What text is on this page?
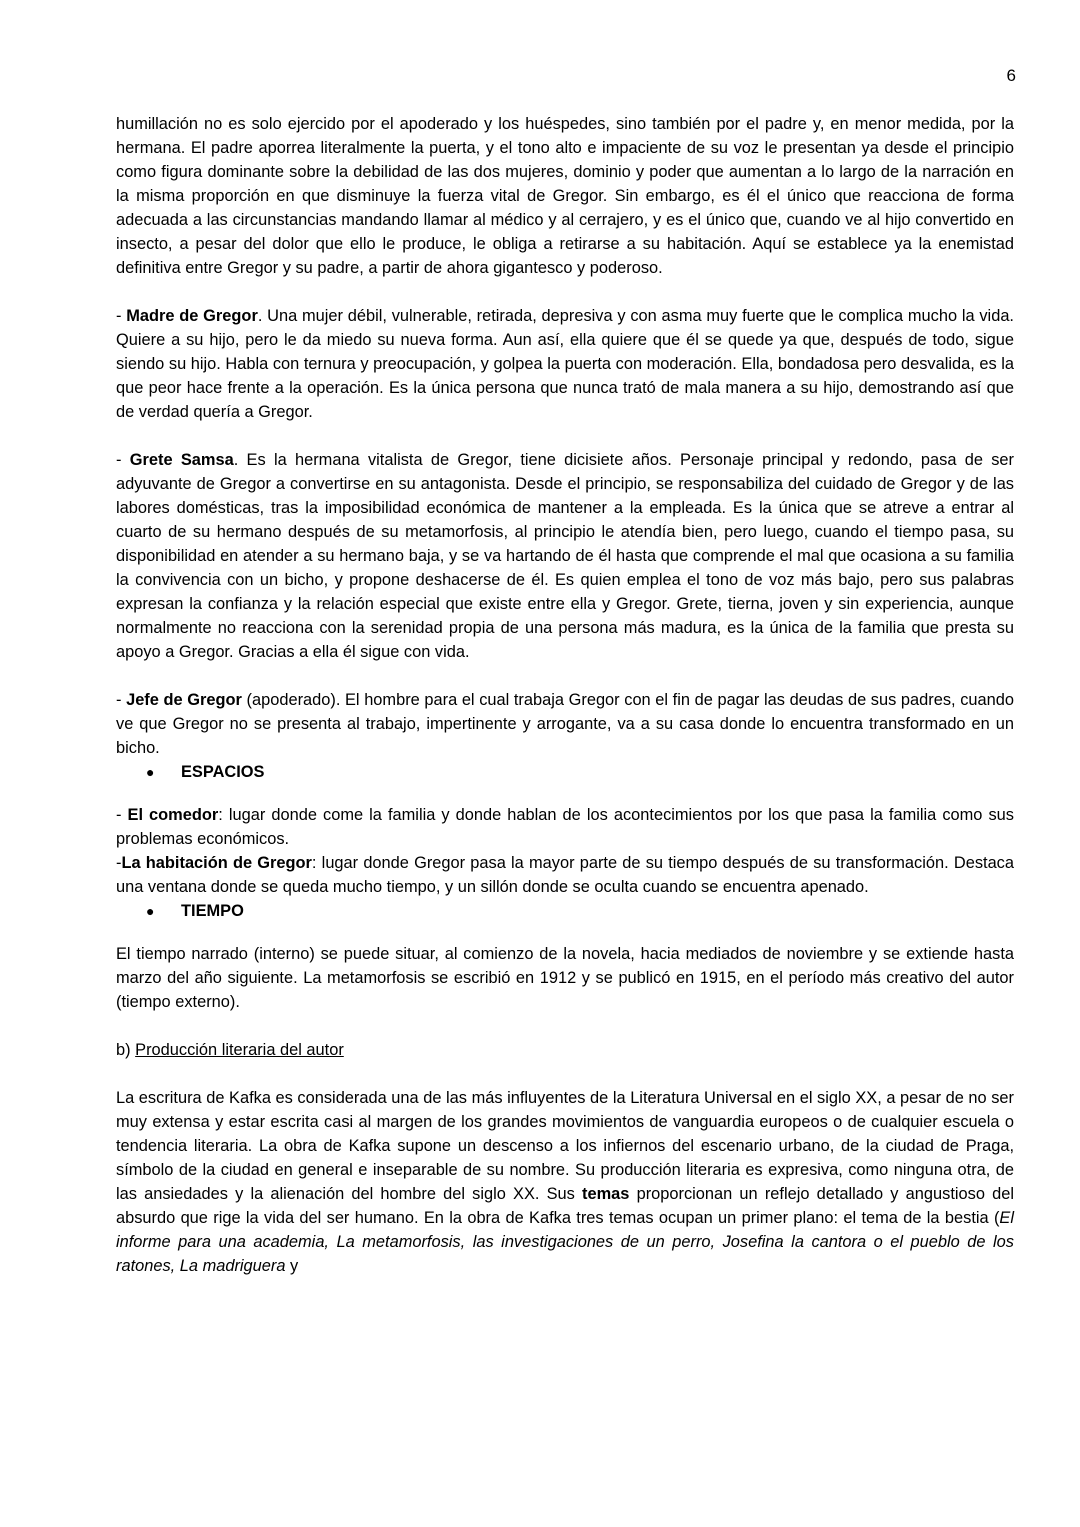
6

humillación no es solo ejercido por el apoderado y los huéspedes, sino también por el padre y, en menor medida, por la hermana. El padre aporrea literalmente la puerta, y el tono alto e impaciente de su voz le presentan ya desde el principio como figura dominante sobre la debilidad de las dos mujeres, dominio y poder que aumentan a lo largo de la narración en la misma proporción en que disminuye la fuerza vital de Gregor. Sin embargo, es él el único que reacciona de forma adecuada a las circunstancias mandando llamar al médico y al cerrajero, y es el único que, cuando ve al hijo convertido en insecto, a pesar del dolor que ello le produce, le obliga a retirarse a su habitación. Aquí se establece ya la enemistad definitiva entre Gregor y su padre, a partir de ahora gigantesco y poderoso.

- Madre de Gregor. Una mujer débil, vulnerable, retirada, depresiva y con asma muy fuerte que le complica mucho la vida. Quiere a su hijo, pero le da miedo su nueva forma. Aun así, ella quiere que él se quede ya que, después de todo, sigue siendo su hijo. Habla con ternura y preocupación, y golpea la puerta con moderación. Ella, bondadosa pero desvalida, es la que peor hace frente a la operación. Es la única persona que nunca trató de mala manera a su hijo, demostrando así que de verdad quería a Gregor.

- Grete Samsa. Es la hermana vitalista de Gregor, tiene dicisiete años. Personaje principal y redondo, pasa de ser adyuvante de Gregor a convertirse en su antagonista. Desde el principio, se responsabiliza del cuidado de Gregor y de las labores domésticas, tras la imposibilidad económica de mantener a la empleada. Es la única que se atreve a entrar al cuarto de su hermano después de su metamorfosis, al principio le atendía bien, pero luego, cuando el tiempo pasa, su disponibilidad en atender a su hermano baja, y se va hartando de él hasta que comprende el mal que ocasiona a su familia la convivencia con un bicho, y propone deshacerse de él. Es quien emplea el tono de voz más bajo, pero sus palabras expresan la confianza y la relación especial que existe entre ella y Gregor. Grete, tierna, joven y sin experiencia, aunque normalmente no reacciona con la serenidad propia de una persona más madura, es la única de la familia que presta su apoyo a Gregor. Gracias a ella él sigue con vida.

- Jefe de Gregor (apoderado). El hombre para el cual trabaja Gregor con el fin de pagar las deudas de sus padres, cuando ve que Gregor no se presenta al trabajo, impertinente y arrogante, va a su casa donde lo encuentra transformado en un bicho.

●	ESPACIOS

- El comedor: lugar donde come la familia y donde hablan de los acontecimientos por los que pasa la familia como sus problemas económicos.

-La habitación de Gregor: lugar donde Gregor pasa la mayor parte de su tiempo después de su transformación. Destaca una ventana donde se queda mucho tiempo, y un sillón donde se oculta cuando se encuentra apenado.

●	TIEMPO

El tiempo narrado (interno) se puede situar, al comienzo de la novela, hacia mediados de noviembre y se extiende hasta marzo del año siguiente. La metamorfosis se escribió en 1912 y se publicó en 1915, en el período más creativo del autor (tiempo externo).

b) Producción literaria del autor

La escritura de Kafka es considerada una de las más influyentes de la Literatura Universal en el siglo XX, a pesar de no ser muy extensa y estar escrita casi al margen de los grandes movimientos de vanguardia europeos o de cualquier escuela o tendencia literaria. La obra de Kafka supone un descenso a los infiernos del escenario urbano, de la ciudad de Praga, símbolo de la ciudad en general e inseparable de su nombre. Su producción literaria es expresiva, como ninguna otra, de las ansiedades y la alienación del hombre del siglo XX. Sus temas proporcionan un reflejo detallado y angustioso del absurdo que rige la vida del ser humano. En la obra de Kafka tres temas ocupan un primer plano: el tema de la bestia (El informe para una academia, La metamorfosis, las investigaciones de un perro, Josefina la cantora o el pueblo de los ratones, La madriguera y
